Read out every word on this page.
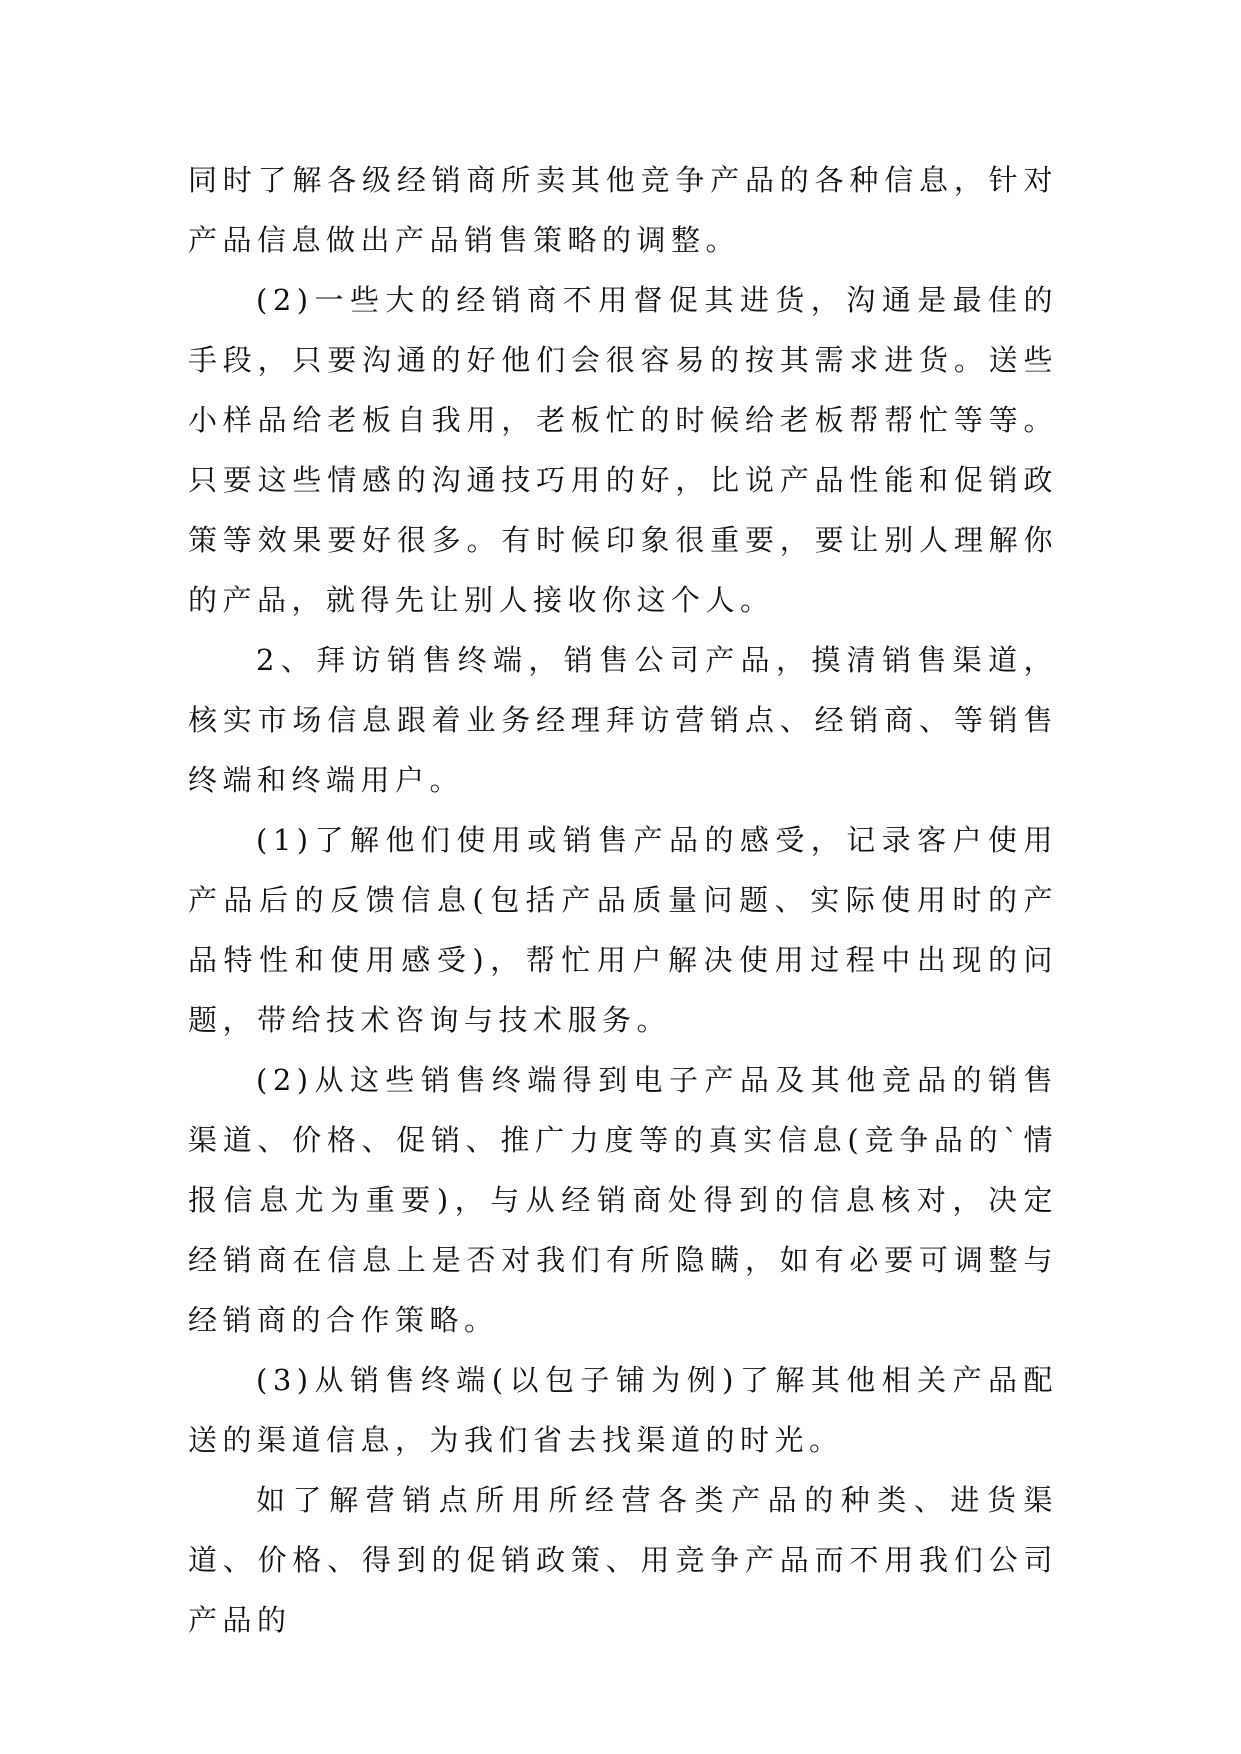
同时了解各级经销商所卖其他竞争产品的各种信息，针对产品信息做出产品销售策略的调整。

(2)一些大的经销商不用督促其进货，沟通是最佳的手段，只要沟通的好他们会很容易的按其需求进货。送些小样品给老板自我用，老板忙的时候给老板帮帮忙等等。只要这些情感的沟通技巧用的好，比说产品性能和促销政策等效果要好很多。有时候印象很重要，要让别人理解你的产品，就得先让别人接收你这个人。

2、拜访销售终端，销售公司产品，摸清销售渠道，核实市场信息跟着业务经理拜访营销点、经销商、等销售终端和终端用户。

(1)了解他们使用或销售产品的感受，记录客户使用产品后的反馈信息(包括产品质量问题、实际使用时的产品特性和使用感受)，帮忙用户解决使用过程中出现的问题，带给技术咨询与技术服务。

(2)从这些销售终端得到电子产品及其他竞品的销售渠道、价格、促销、推广力度等的真实信息(竞争品的`情报信息尤为重要)，与从经销商处得到的信息核对，决定经销商在信息上是否对我们有所隐瞒，如有必要可调整与经销商的合作策略。

(3)从销售终端(以包子铺为例)了解其他相关产品配送的渠道信息，为我们省去找渠道的时光。

如了解营销点所用所经营各类产品的种类、进货渠道、价格、得到的促销政策、用竞争产品而不用我们公司产品的
